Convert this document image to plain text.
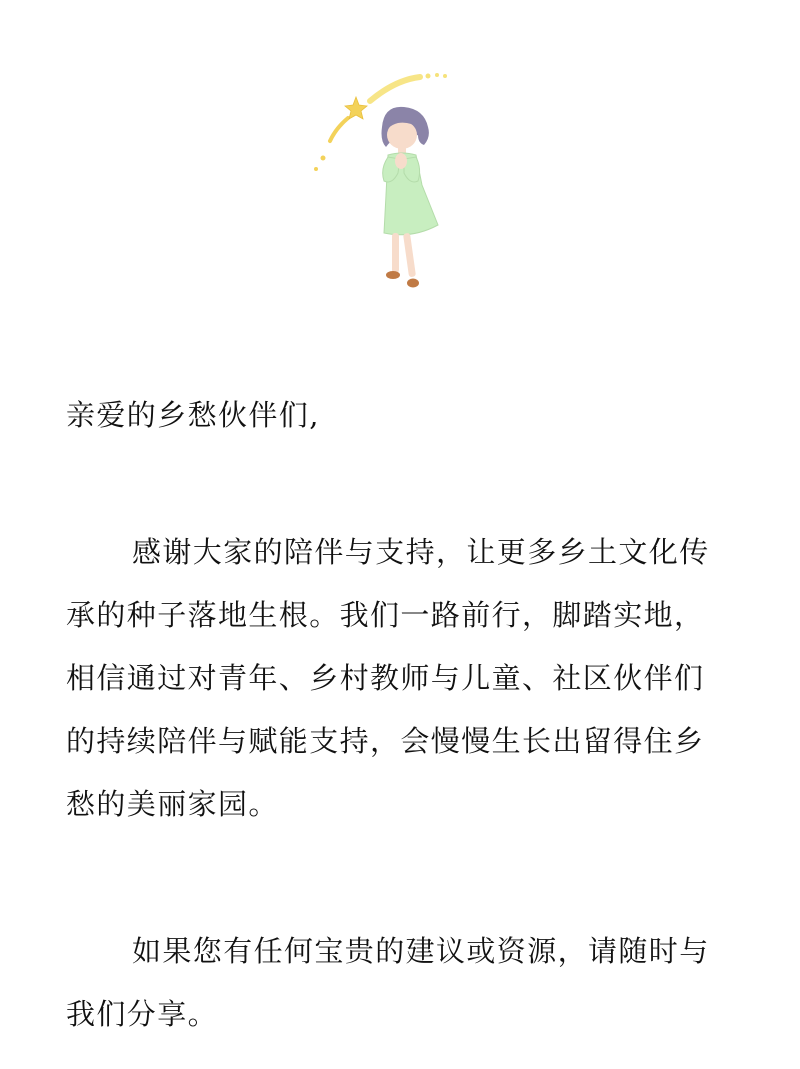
亲爱的乡愁伙伴们,
感谢大家的陪伴与支持，让更多乡土文化传
承的种子落地生根。我们一路前行，脚踏实地，
相信通过对青年、乡村教师与儿童、社区伙伴们
的持续陪伴与赋能支持，会慢慢生长出留得住乡
愁的美丽家园。
如果您有任何宝贵的建议或资源，请随时与
我们分享。
